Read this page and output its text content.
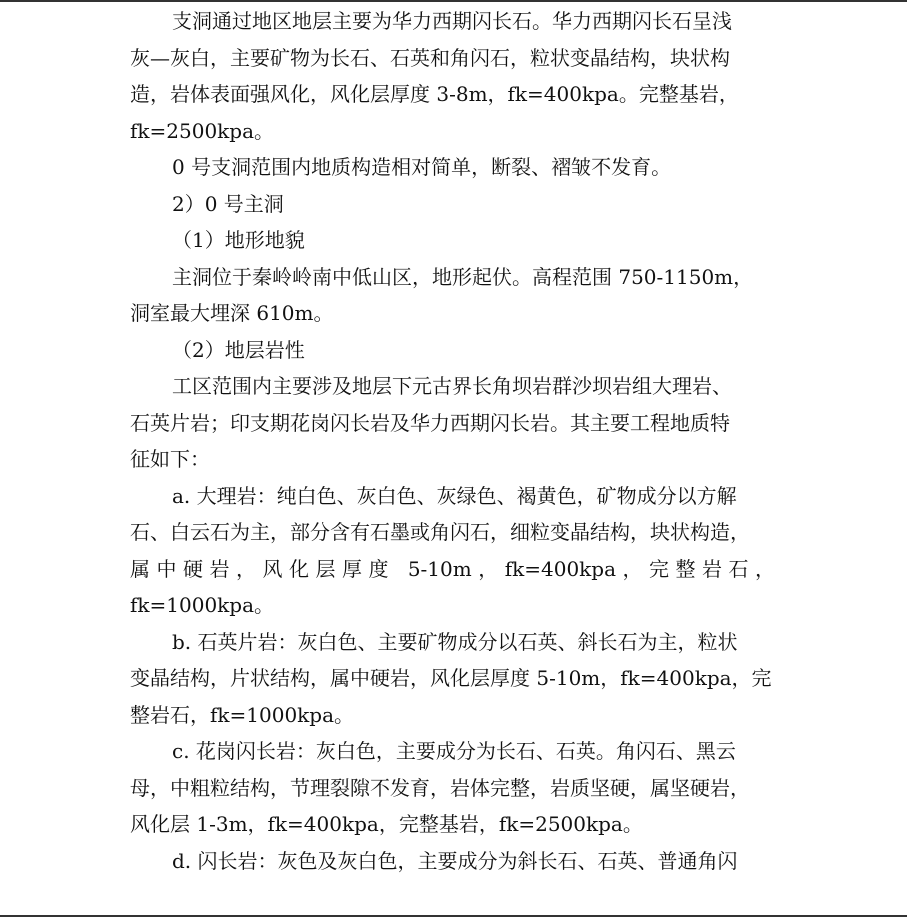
支洞通过地区地层主要为华力西期闪长石。华力西期闪长石呈浅
灰—灰白，主要矿物为长石、石英和角闪石，粒状变晶结构，块状构
造，岩体表面强风化，风化层厚度 3-8m，fk=400kpa。完整基岩，
fk=2500kpa。

0 号支洞范围内地质构造相对简单，断裂、褶皱不发育。

2）0 号主洞

（1）地形地貌

主洞位于秦岭岭南中低山区，地形起伏。高程范围 750-1150m，
洞室最大埋深 610m。

（2）地层岩性

工区范围内主要涉及地层下元古界长角坝岩群沙坝岩组大理岩、
石英片岩；印支期花岗闪长岩及华力西期闪长岩。其主要工程地质特
征如下：

a. 大理岩：纯白色、灰白色、灰绿色、褐黄色，矿物成分以方解
石、白云石为主，部分含有石墨或角闪石，细粒变晶结构，块状构造，
属中硬岩，风化层厚度 5-10m，fk=400kpa，完整岩石，fk=1000kpa。

b. 石英片岩：灰白色、主要矿物成分以石英、斜长石为主，粒状
变晶结构，片状结构，属中硬岩，风化层厚度 5-10m，fk=400kpa，完
整岩石，fk=1000kpa。

c. 花岗闪长岩：灰白色，主要成分为长石、石英。角闪石、黑云
母，中粗粒结构，节理裂隙不发育，岩体完整，岩质坚硬，属坚硬岩，
风化层 1-3m，fk=400kpa，完整基岩，fk=2500kpa。

d. 闪长岩：灰色及灰白色，主要成分为斜长石、石英、普通角闪
